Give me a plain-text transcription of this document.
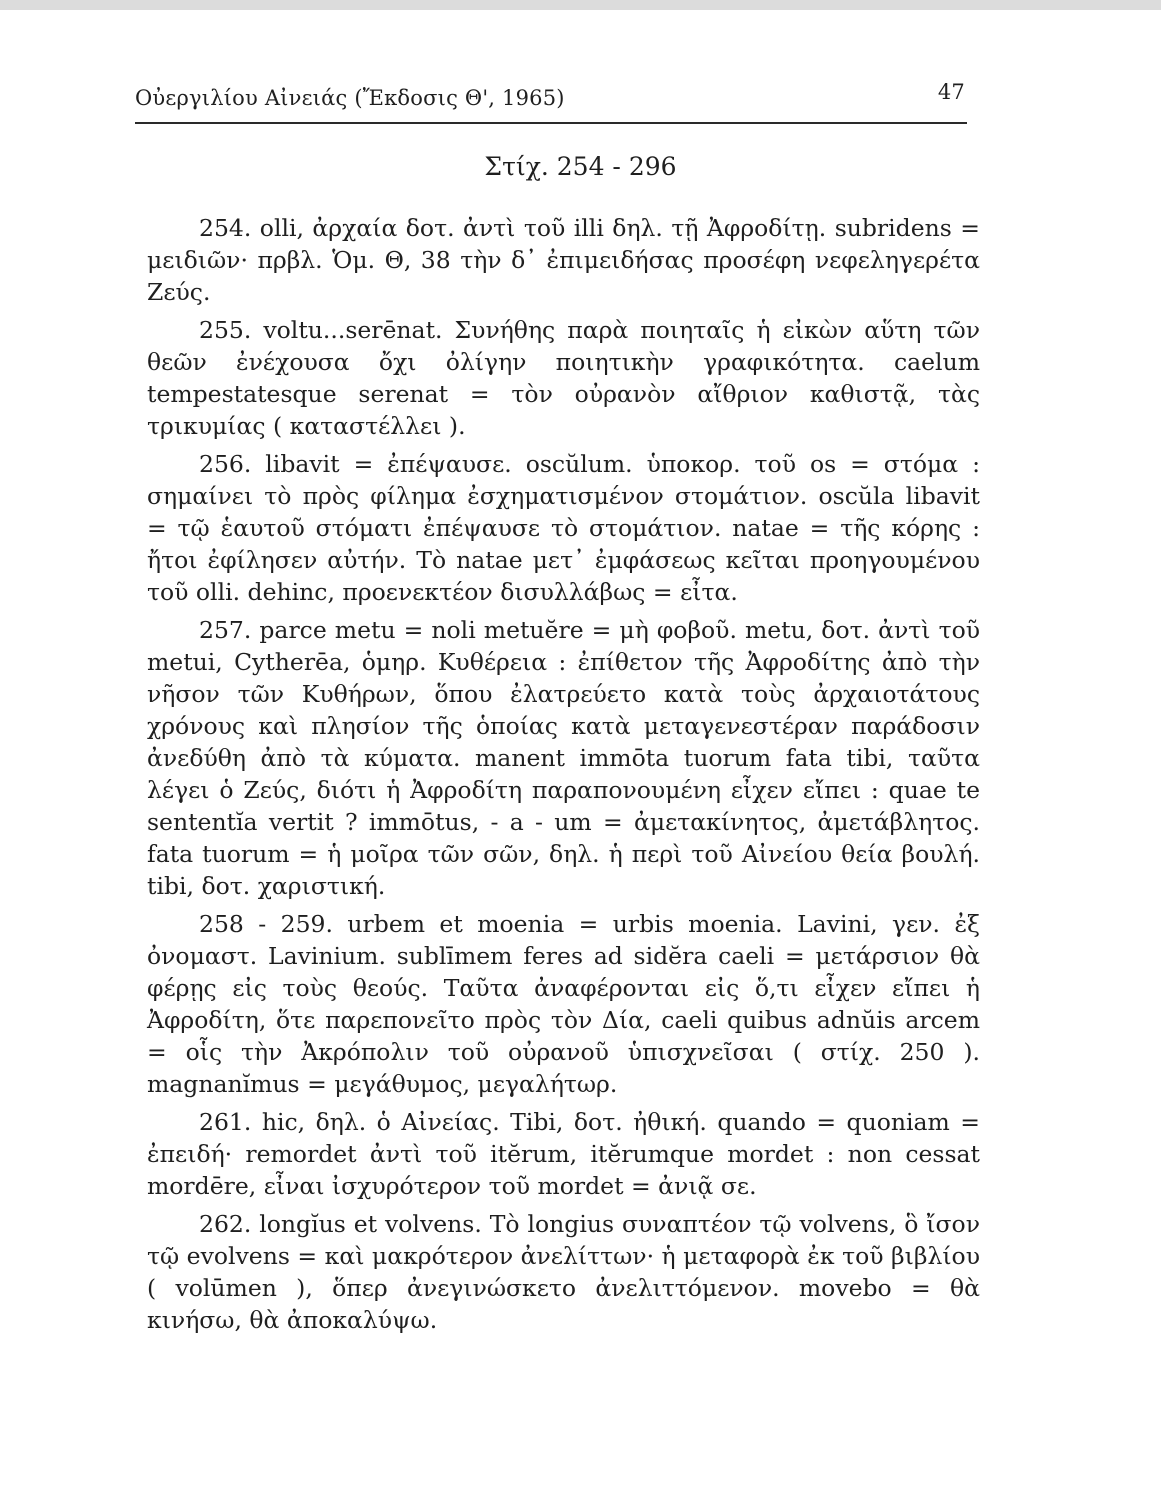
Οὐεργιλίου Αἰνειάς (Ἔκδοσις Θ', 1965)	47
Στίχ. 254 - 296

254. olli, ἀρχαία δοτ. ἀντὶ τοῦ illi δηλ. τῇ Ἀφροδίτῃ. subridens = μειδιῶν· πρβλ. Ὁμ. Θ, 38 τὴν δ᾽ ἐπιμειδήσας προσέφη νεφεληγερέτα Ζεύς.

255. voltu...serēnat. Συνήθης παρὰ ποιηταῖς ἡ εἰκὼν αὕτη τῶν θεῶν ἐνέχουσα ὄχι ὀλίγην ποιητικὴν γραφικότητα. caelum tempestatesque serenat = τὸν οὐρανὸν αἴθριον καθιστᾷ, τὰς τρικυμίας ( καταστέλλει ).

256. libavit = ἐπέψαυσε. oscŭlum. ὑποκορ. τοῦ os = στόμα : σημαίνει τὸ πρὸς φίλημα ἐσχηματισμένον στομάτιον. oscŭla libavit = τῷ ἑαυτοῦ στόματι ἐπέψαυσε τὸ στομάτιον. natae = τῆς κόρης : ἤτοι ἐφίλησεν αὐτήν. Τὸ natae μετ᾽ ἐμφάσεως κεῖται προηγουμένου τοῦ olli. dehinc, προενεκτέον δισυλλάβως = εἶτα.

257. parce metu = noli metuĕre = μὴ φοβοῦ. metu, δοτ. ἀντὶ τοῦ metui, Cytherēa, ὁμηρ. Κυθέρεια : ἐπίθετον τῆς Ἀφροδίτης ἀπὸ τὴν νῆσον τῶν Κυθήρων, ὅπου ἐλατρεύετο κατὰ τοὺς ἀρχαιοτάτους χρόνους καὶ πλησίον τῆς ὁποίας κατὰ μεταγενεστέραν παράδοσιν ἀνεδύθη ἀπὸ τὰ κύματα. manent immōta tuorum fata tibi, ταῦτα λέγει ὁ Ζεύς, διότι ἡ Ἀφροδίτη παραπονουμένη εἶχεν εἴπει : quae te sententĭa vertit ? immōtus, - a - um = ἀμετακίνητος, ἀμετάβλητος. fata tuorum = ἡ μοῖρα τῶν σῶν, δηλ. ἡ περὶ τοῦ Αἰνείου θεία βουλή. tibi, δοτ. χαριστική.

258 - 259. urbem et moenia = urbis moenia. Lavini, γεν. ἐξ ὀνομαστ. Lavinium. sublīmem feres ad sidĕra caeli = μετάρσιον θὰ φέρῃς εἰς τοὺς θεούς. Ταῦτα ἀναφέρονται εἰς ὅ,τι εἶχεν εἴπει ἡ Ἀφροδίτη, ὅτε παρεπονεῖτο πρὸς τὸν Δία, caeli quibus adnŭis arcem = οἷς τὴν Ἀκρόπολιν τοῦ οὐρανοῦ ὑπισχνεῖσαι ( στίχ. 250 ). magnanĭmus = μεγάθυμος, μεγαλήτωρ.

261. hic, δηλ. ὁ Αἰνείας. Tibi, δοτ. ἠθική. quando = quoniam = ἐπειδή· remordet ἀντὶ τοῦ itĕrum, itĕrumque mordet : non cessat mordēre, εἶναι ἰσχυρότερον τοῦ mordet = ἀνιᾷ σε.

262. longĭus et volvens. Τὸ longius συναπτέον τῷ volvens, ὃ ἴσον τῷ evolvens = καὶ μακρότερον ἀνελίττων· ἡ μεταφορὰ ἐκ τοῦ βιβλίου ( volūmen ), ὅπερ ἀνεγινώσκετο ἀνελιττόμενον. movebo = θὰ κινήσω, θὰ ἀποκαλύψω.
